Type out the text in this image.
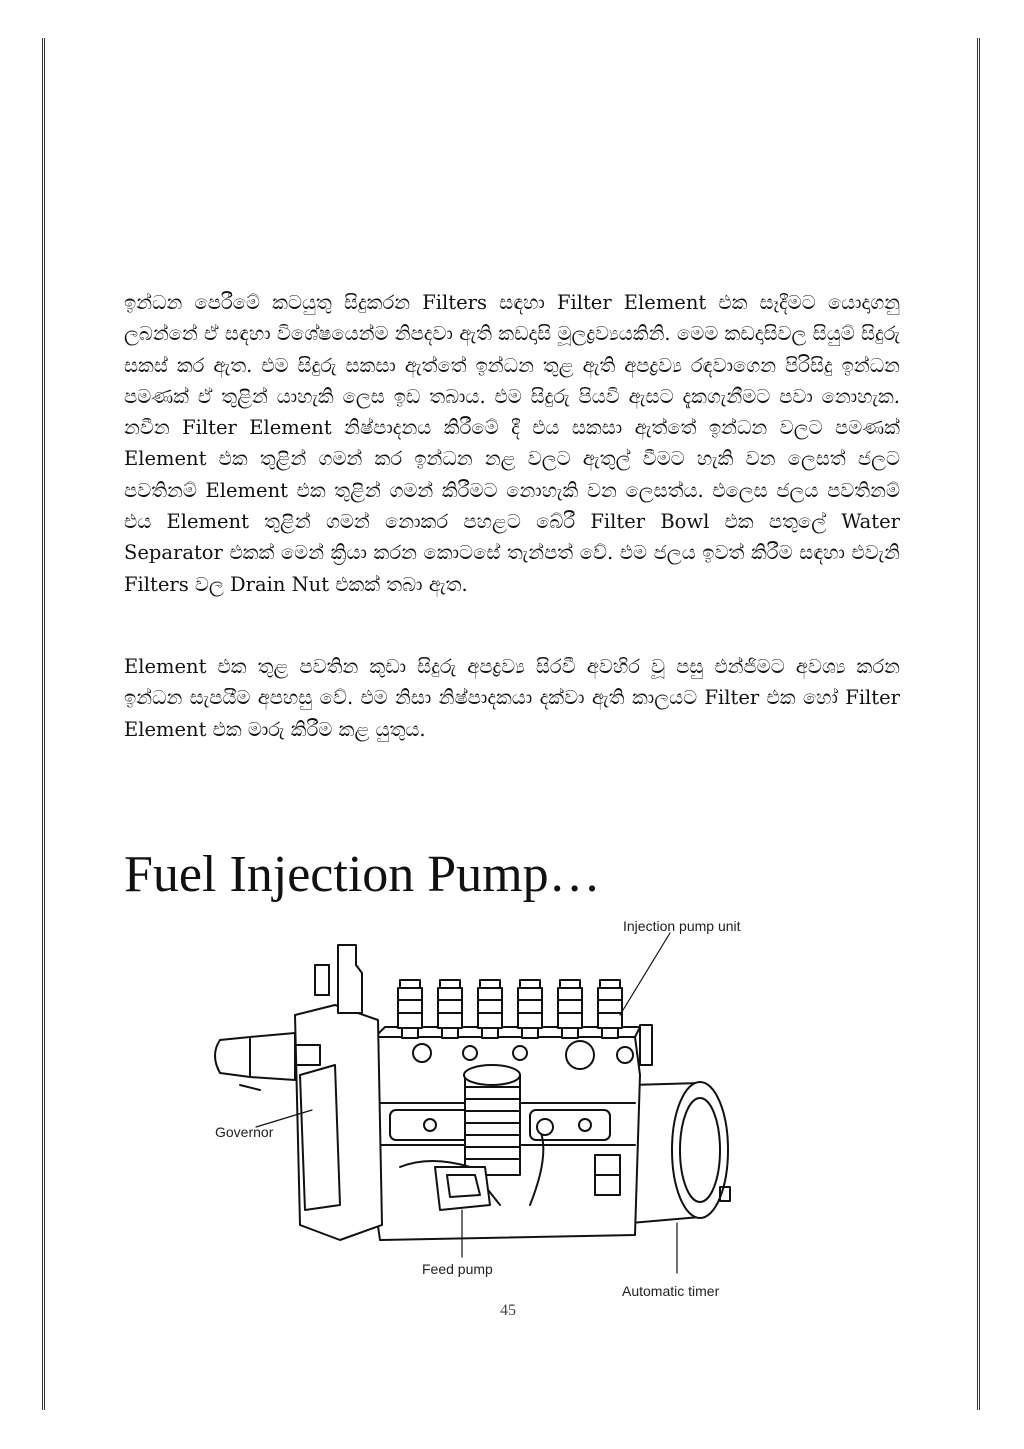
ඉන්ධන පෙරීමේ කටයුතු සිදුකරන Filters සඳහා Filter Element එක සෑදීමට යොදාගනු ලබන්නේ ඒ සඳහා විශේෂයෙන්ම නිපදවා ඇති කඩදාසි මූලද්‍රව්‍යයකිනි. මෙම කඩදාසිවල සියුම් සිදුරු සකස් කර ඇත. එම සිදුරු සකසා ඇත්තේ ඉන්ධන තුළ ඇති අපද්‍රව්‍ය රඳවාගෙන පිරිසිදු ඉන්ධන පමණක් ඒ තුළින් යාහැකි ලෙස ඉඩ තබාය. එම සිදුරු පියවි ඇසට දැකගැනීමට පවා නොහැක. නවීන Filter Element නිෂ්පාදනය කිරීමේ දී එය සකසා ඇත්තේ ඉන්ධන වලට පමණක් Element එක තුළින් ගමන් කර ඉන්ධන නළ වලට ඇතුල් වීමට හැකි වන ලෙසත් ජලට පවතිනම් Element එක තුළින් ගමන් කිරීමට නොහැකි වන ලෙසත්ය. එලෙස ජලය පවතිනම් එය Element තුළින් ගමන් නොකර පහළට බේරී Filter Bowl එක පතුලේ Water Separator එකක් මෙන් ක්‍රියා කරන කොටසේ තැන්පත් වේ. එම ජලය ඉවත් කිරීම සඳහා එවැනි Filters වල Drain Nut එකක් තබා ඇත.

Element එක තුළ පවතින කුඩා සිදුරු අපද්‍රව්‍ය සිරවී අවහිර වූ පසු එන්ජිමට අවශ්‍ය කරන ඉන්ධන සැපයීම අපහසු වේ. එම නිසා නිෂ්පාදකයා දක්වා ඇති කාලයට Filter එක හෝ Filter Element එක මාරු කිරීම කළ යුතුය.

Fuel Injection Pump…
Injection pump unit
Governor
Feed pump
Automatic timer
45
